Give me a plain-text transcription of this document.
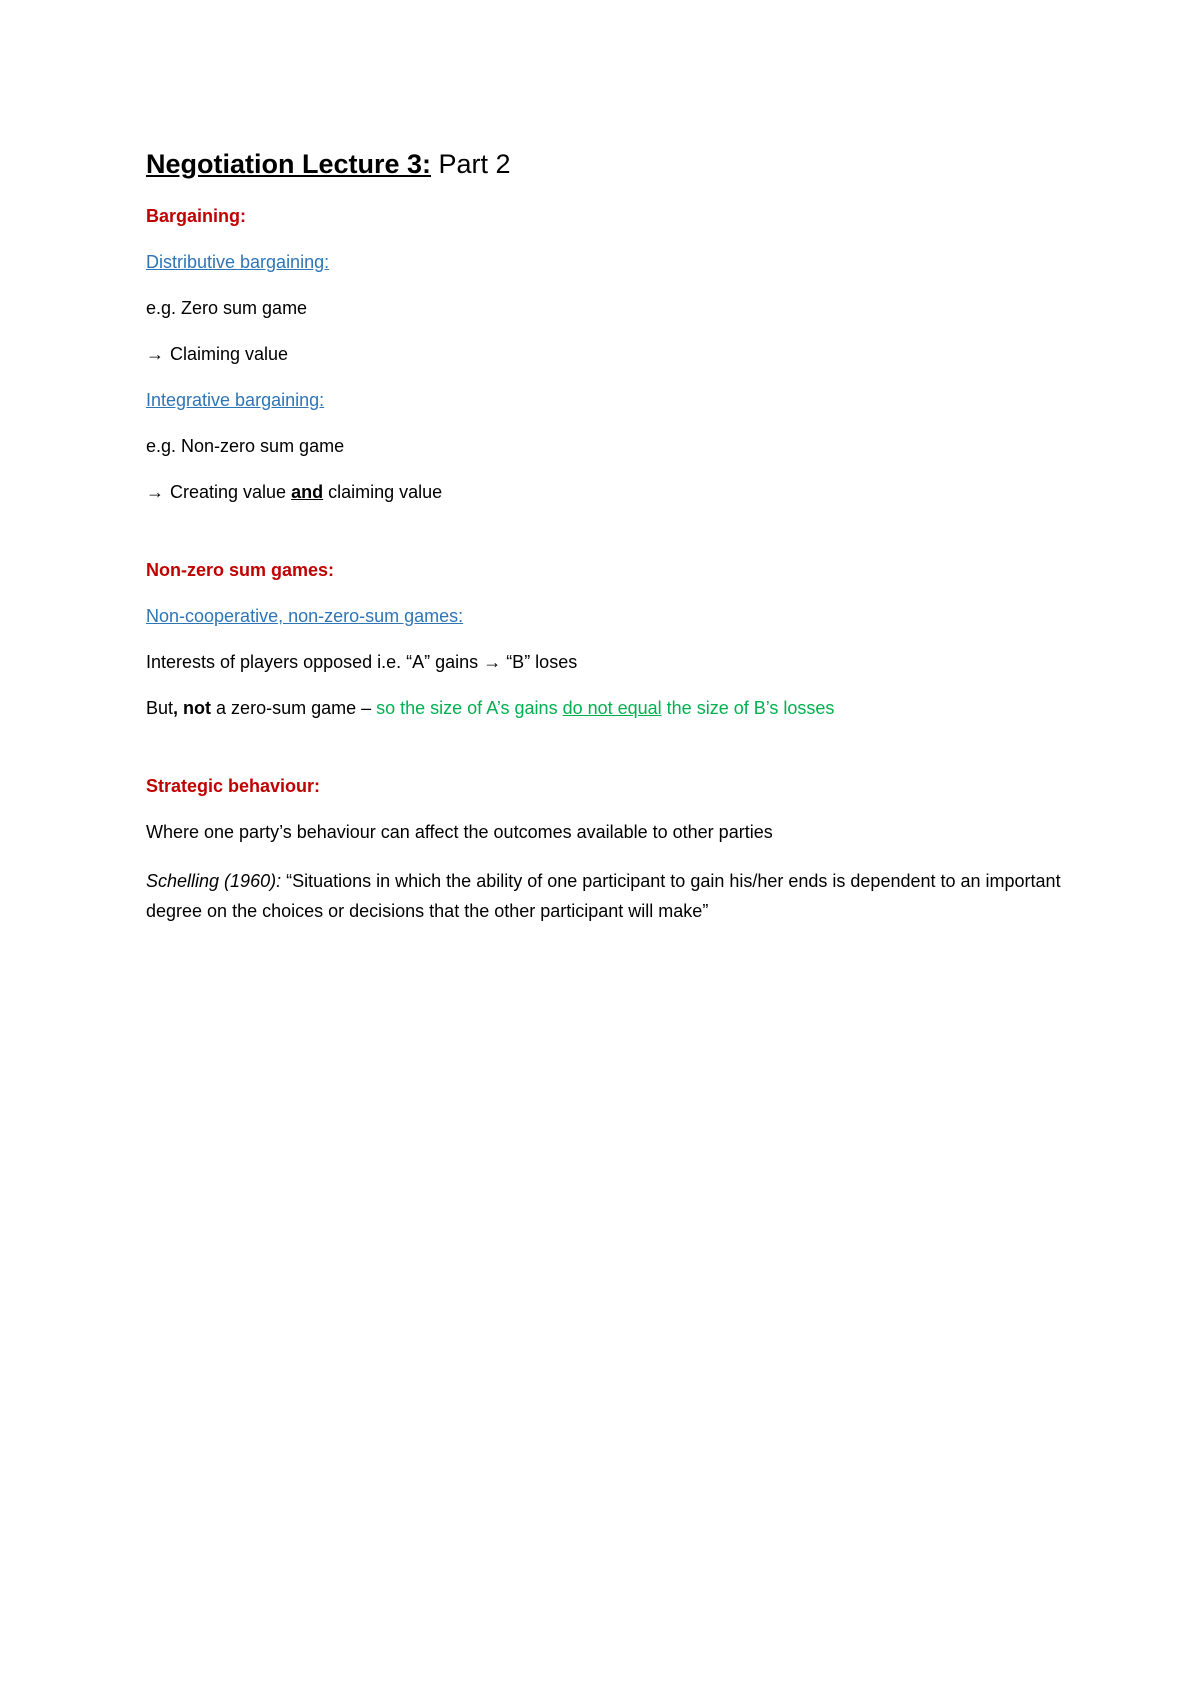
Negotiation Lecture 3: Part 2

Bargaining:

Distributive bargaining:

e.g. Zero sum game

→ Claiming value

Integrative bargaining:

e.g. Non-zero sum game

→ Creating value and claiming value

Non-zero sum games:

Non-cooperative, non-zero-sum games:

Interests of players opposed i.e. “A” gains → “B” loses

But, not a zero-sum game – so the size of A’s gains do not equal the size of B’s losses

Strategic behaviour:

Where one party’s behaviour can affect the outcomes available to other parties

Schelling (1960): “Situations in which the ability of one participant to gain his/her ends is dependent to an important degree on the choices or decisions that the other participant will make”
